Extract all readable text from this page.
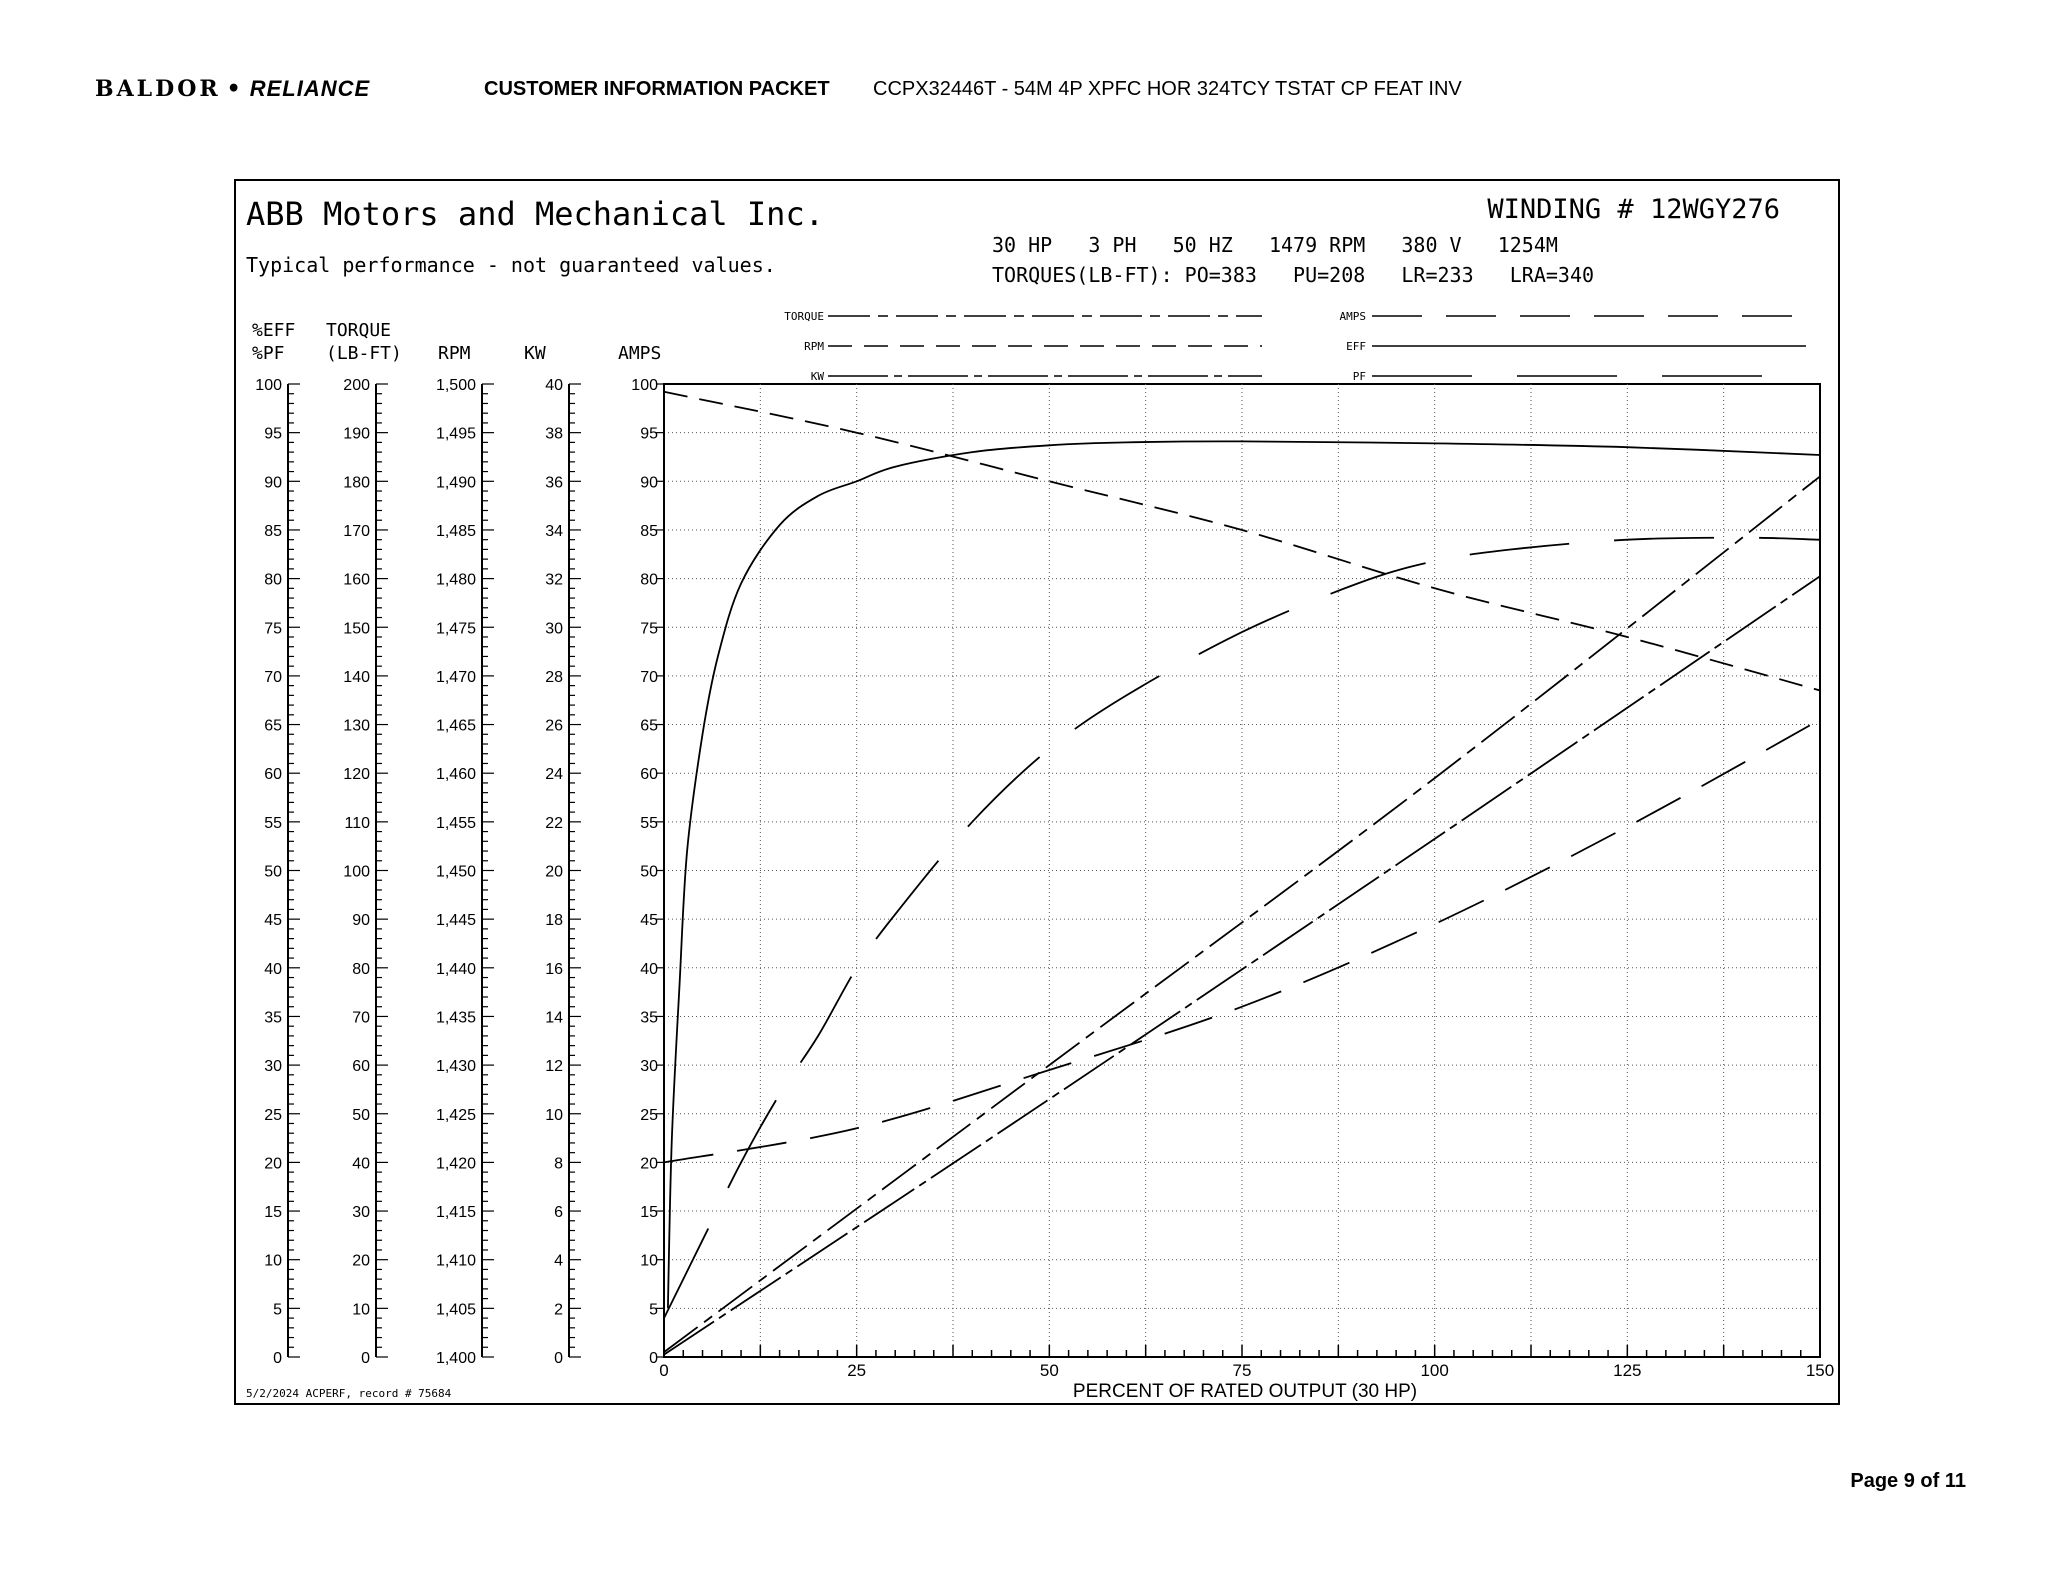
BALDOR • RELIANCE	CUSTOMER INFORMATION PACKET CCPX32446T - 54M 4P XPFC HOR 324TCY TSTAT CP FEAT INV
ABB Motors and Mechanical Inc.
Typical performance - not guaranteed values.
WINDING # 12WGY276
30 HP   3 PH   50 HZ   1479 RPM   380 V   1254M
TORQUES(LB-FT): PO=383   PU=208   LR=233   LRA=340
5/2/2024 ACPERF, record # 75684	PERCENT OF RATED OUTPUT (30 HP)
0
5
10
15
20
25
30
35
40
45
50
55
60
65
70
75
80
85
90
95
100
%EFF
%PF
0
10
20
30
40
50
60
70
80
90
100
110
120
130
140
150
160
170
180
190
200
TORQUE
(LB-FT)
1,400
1,405
1,410
1,415
1,420
1,425
1,430
1,435
1,440
1,445
1,450
1,455
1,460
1,465
1,470
1,475
1,480
1,485
1,490
1,495
1,500
RPM
0
2
4
6
8
10
12
14
16
18
20
22
24
26
28
30
32
34
36
38
40
KW
0
5
10
15
20
25
30
35
40
45
50
55
60
65
70
75
80
85
90
95
100
AMPS
0	25	50	75	100	125	150
TORQUE
RPM
KW
AMPS
EFF
PF
Page 9 of 11
